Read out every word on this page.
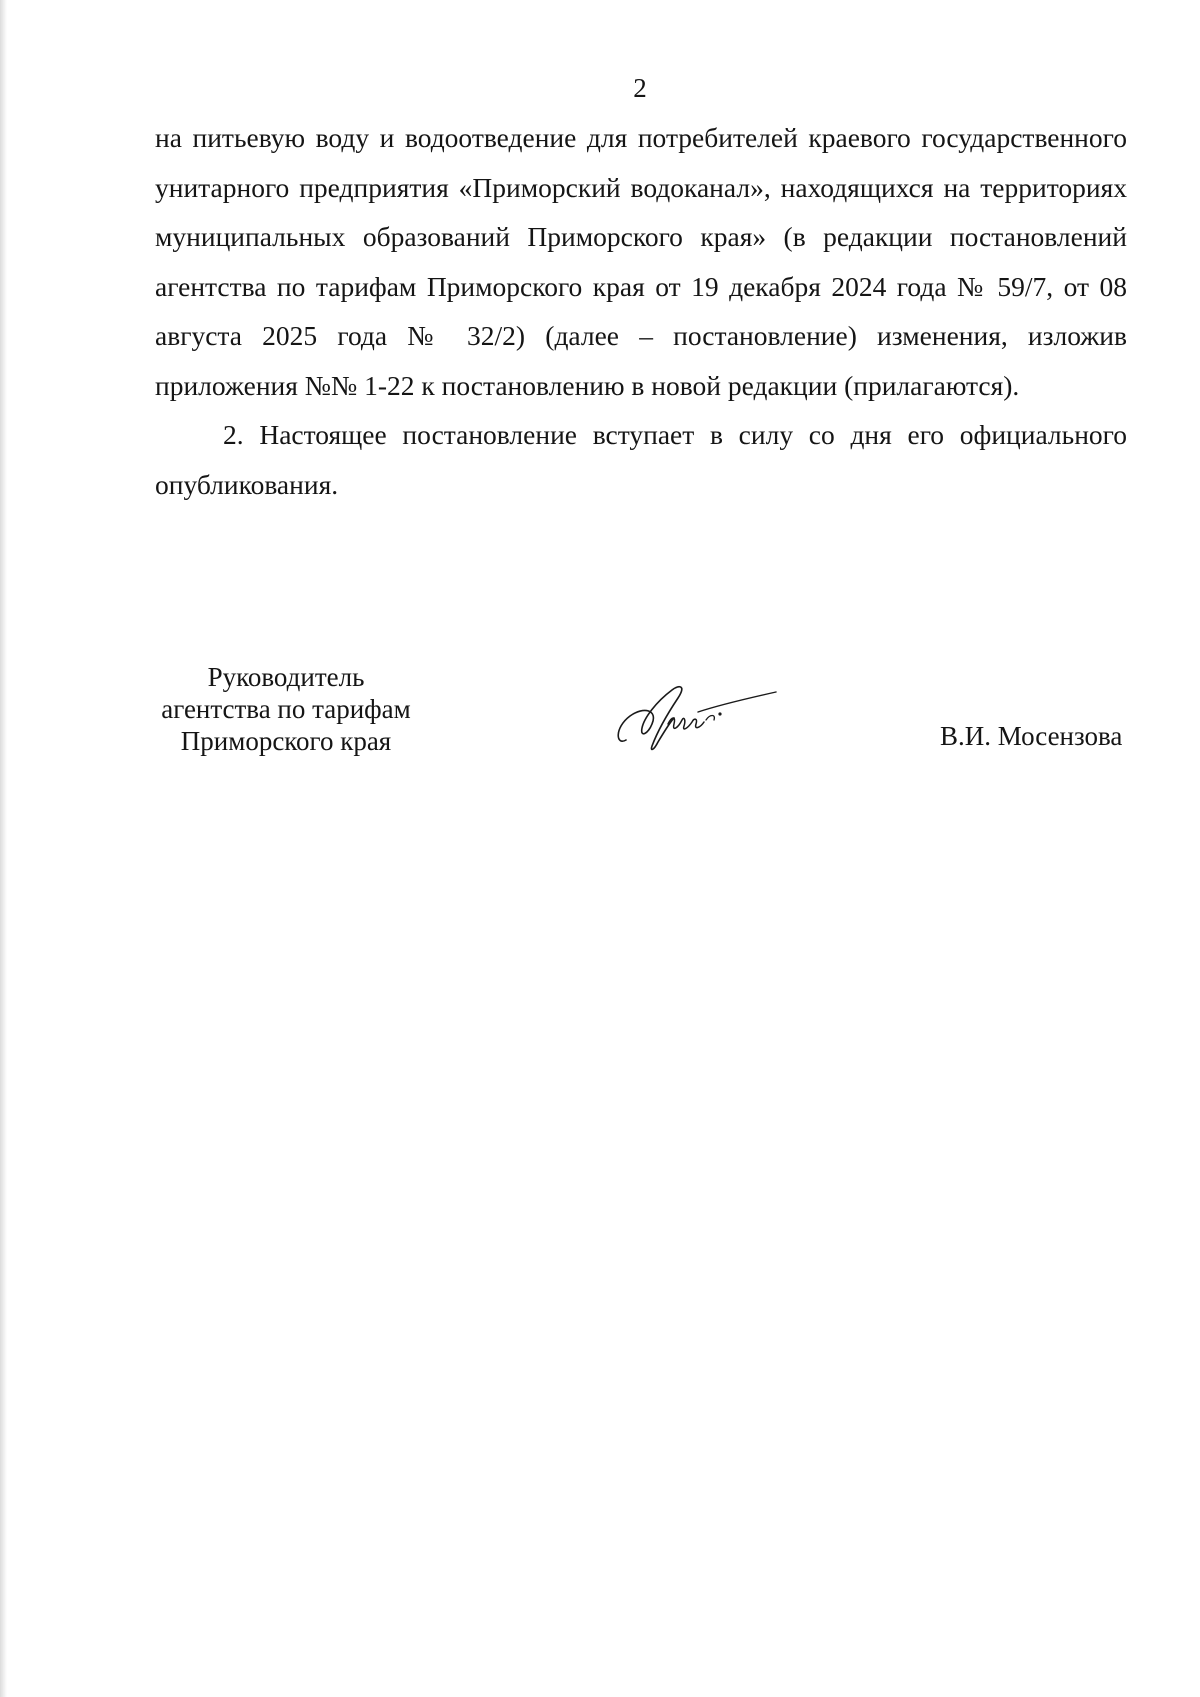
2

на питьевую воду и водоотведение для потребителей краевого государственного унитарного предприятия «Приморский водоканал», находящихся на территориях муниципальных образований Приморского края» (в редакции постановлений агентства по тарифам Приморского края от 19 декабря 2024 года № 59/7, от 08 августа 2025 года № 32/2) (далее – постановление) изменения, изложив приложения №№ 1-22 к постановлению в новой редакции (прилагаются).

2. Настоящее постановление вступает в силу со дня его официального опубликования.

Руководитель
агентства по тарифам
Приморского края	В.И. Мосензова
